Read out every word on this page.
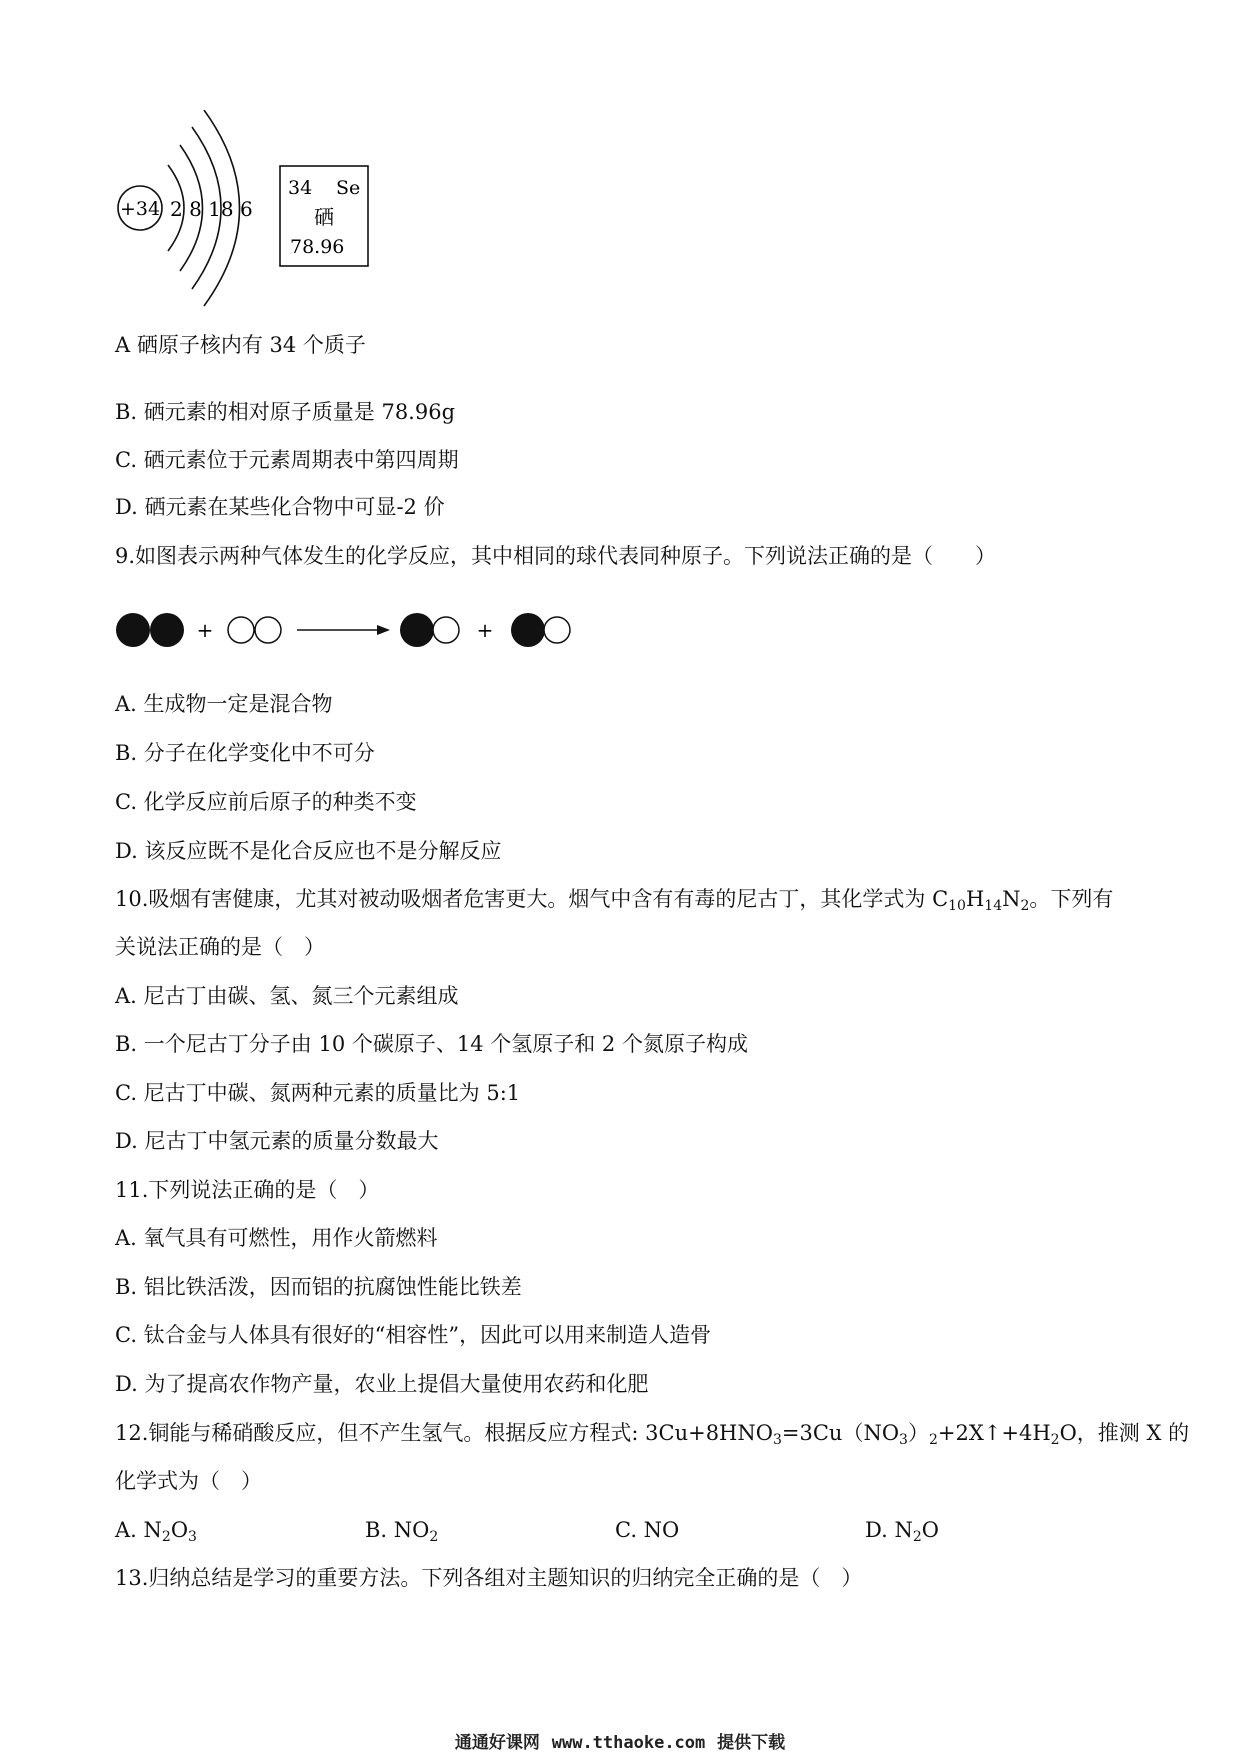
+34 2 8 18 6
34 Se
硒
78.96
A 硒原子核内有 34 个质子
B. 硒元素的相对原子质量是 78.96g
C. 硒元素位于元素周期表中第四周期
D. 硒元素在某些化合物中可显-2 价
9.如图表示两种气体发生的化学反应，其中相同的球代表同种原子。下列说法正确的是（　　）
+	+
A. 生成物一定是混合物
B. 分子在化学变化中不可分
C. 化学反应前后原子的种类不变
D. 该反应既不是化合反应也不是分解反应
10.吸烟有害健康，尤其对被动吸烟者危害更大。烟气中含有有毒的尼古丁，其化学式为 $C_{10}H_{14}N_2$。下列有
关说法正确的是（　）
A. 尼古丁由碳、氢、氮三个元素组成
B. 一个尼古丁分子由 10 个碳原子、14 个氢原子和 2 个氮原子构成
C. 尼古丁中碳、氮两种元素的质量比为 5:1
D. 尼古丁中氢元素的质量分数最大
11.下列说法正确的是（　）
A. 氧气具有可燃性，用作火箭燃料
B. 铝比铁活泼，因而铝的抗腐蚀性能比铁差
C. 钛合金与人体具有很好的“相容性”，因此可以用来制造人造骨
D. 为了提高农作物产量，农业上提倡大量使用农药和化肥
12.铜能与稀硝酸反应，但不产生氢气。根据反应方程式: $3Cu+8HNO_3=3Cu(NO_3)_2+2X↑+4H_2O$，推测 X 的
化学式为（　）
A. $N_2O_3$	B. $NO_2$	C. NO	D. $N_2O$
13.归纳总结是学习的重要方法。下列各组对主题知识的归纳完全正确的是（　）
通通好课网 www.tthaoke.com 提供下载
